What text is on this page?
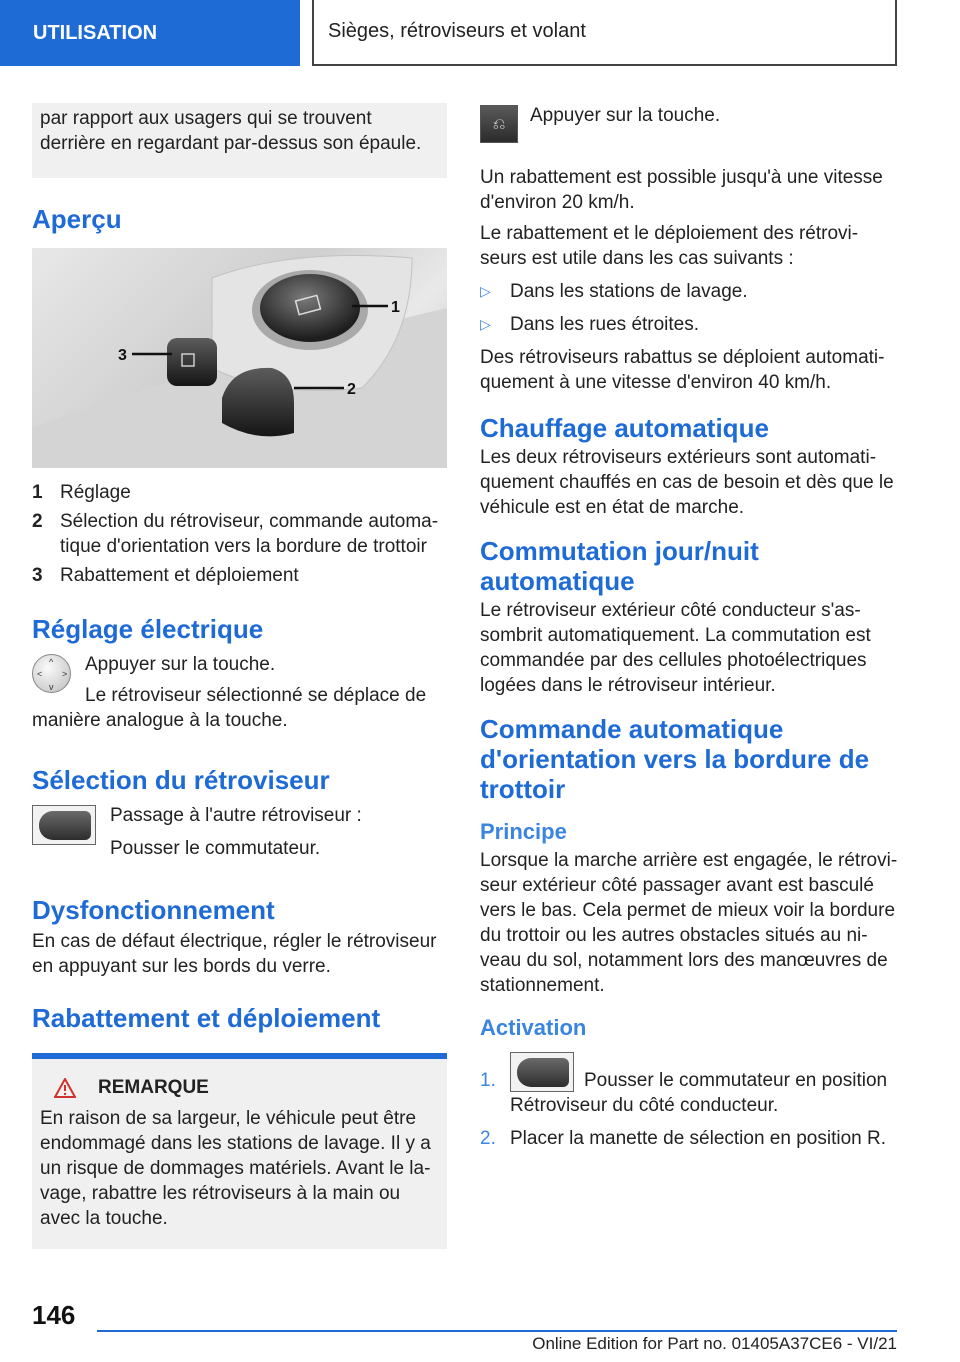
UTILISATION	Sièges, rétroviseurs et volant

par rapport aux usagers qui se trouvent derrière en regardant par-dessus son épaule.

Aperçu
1
2
3
1 Réglage
2 Sélection du rétroviseur, commande automatique d'orientation vers la bordure de trottoir
3 Rabattement et déploiement
Réglage électrique
^
v
< > Appuyer sur la touche.

Le rétroviseur sélectionné se déplace de manière analogue à la touche.

Sélection du rétroviseur

Passage à l'autre rétroviseur :

Pousser le commutateur.

Dysfonctionnement

En cas de défaut électrique, régler le rétroviseur en appuyant sur les bords du verre.

Rabattement et déploiement
REMARQUE

En raison de sa largeur, le véhicule peut être endommagé dans les stations de lavage. Il y a un risque de dommages matériels. Avant le lavage, rabattre les rétroviseurs à la main ou avec la touche.

⎌	Appuyer sur la touche.

Un rabattement est possible jusqu'à une vitesse d'environ 20 km/h.

Le rabattement et le déploiement des rétroviseurs est utile dans les cas suivants :

▷	Dans les stations de lavage.
▷	Dans les rues étroites.

Des rétroviseurs rabattus se déploient automatiquement à une vitesse d'environ 40 km/h.

Chauffage automatique

Les deux rétroviseurs extérieurs sont automatiquement chauffés en cas de besoin et dès que le véhicule est en état de marche.

Commutation jour/nuit automatique

Le rétroviseur extérieur côté conducteur s'assombrit automatiquement. La commutation est commandée par des cellules photoélectriques logées dans le rétroviseur intérieur.

Commande automatique d'orientation vers la bordure de trottoir
Principe

Lorsque la marche arrière est engagée, le rétroviseur extérieur côté passager avant est basculé vers le bas. Cela permet de mieux voir la bordure du trottoir ou les autres obstacles situés au niveau du sol, notamment lors des manœuvres de stationnement.

Activation
1.	Pousser le commutateur en position Rétroviseur du côté conducteur.
2. Placer la manette de sélection en position R.
146
Online Edition for Part no. 01405A37CE6 - VI/21
